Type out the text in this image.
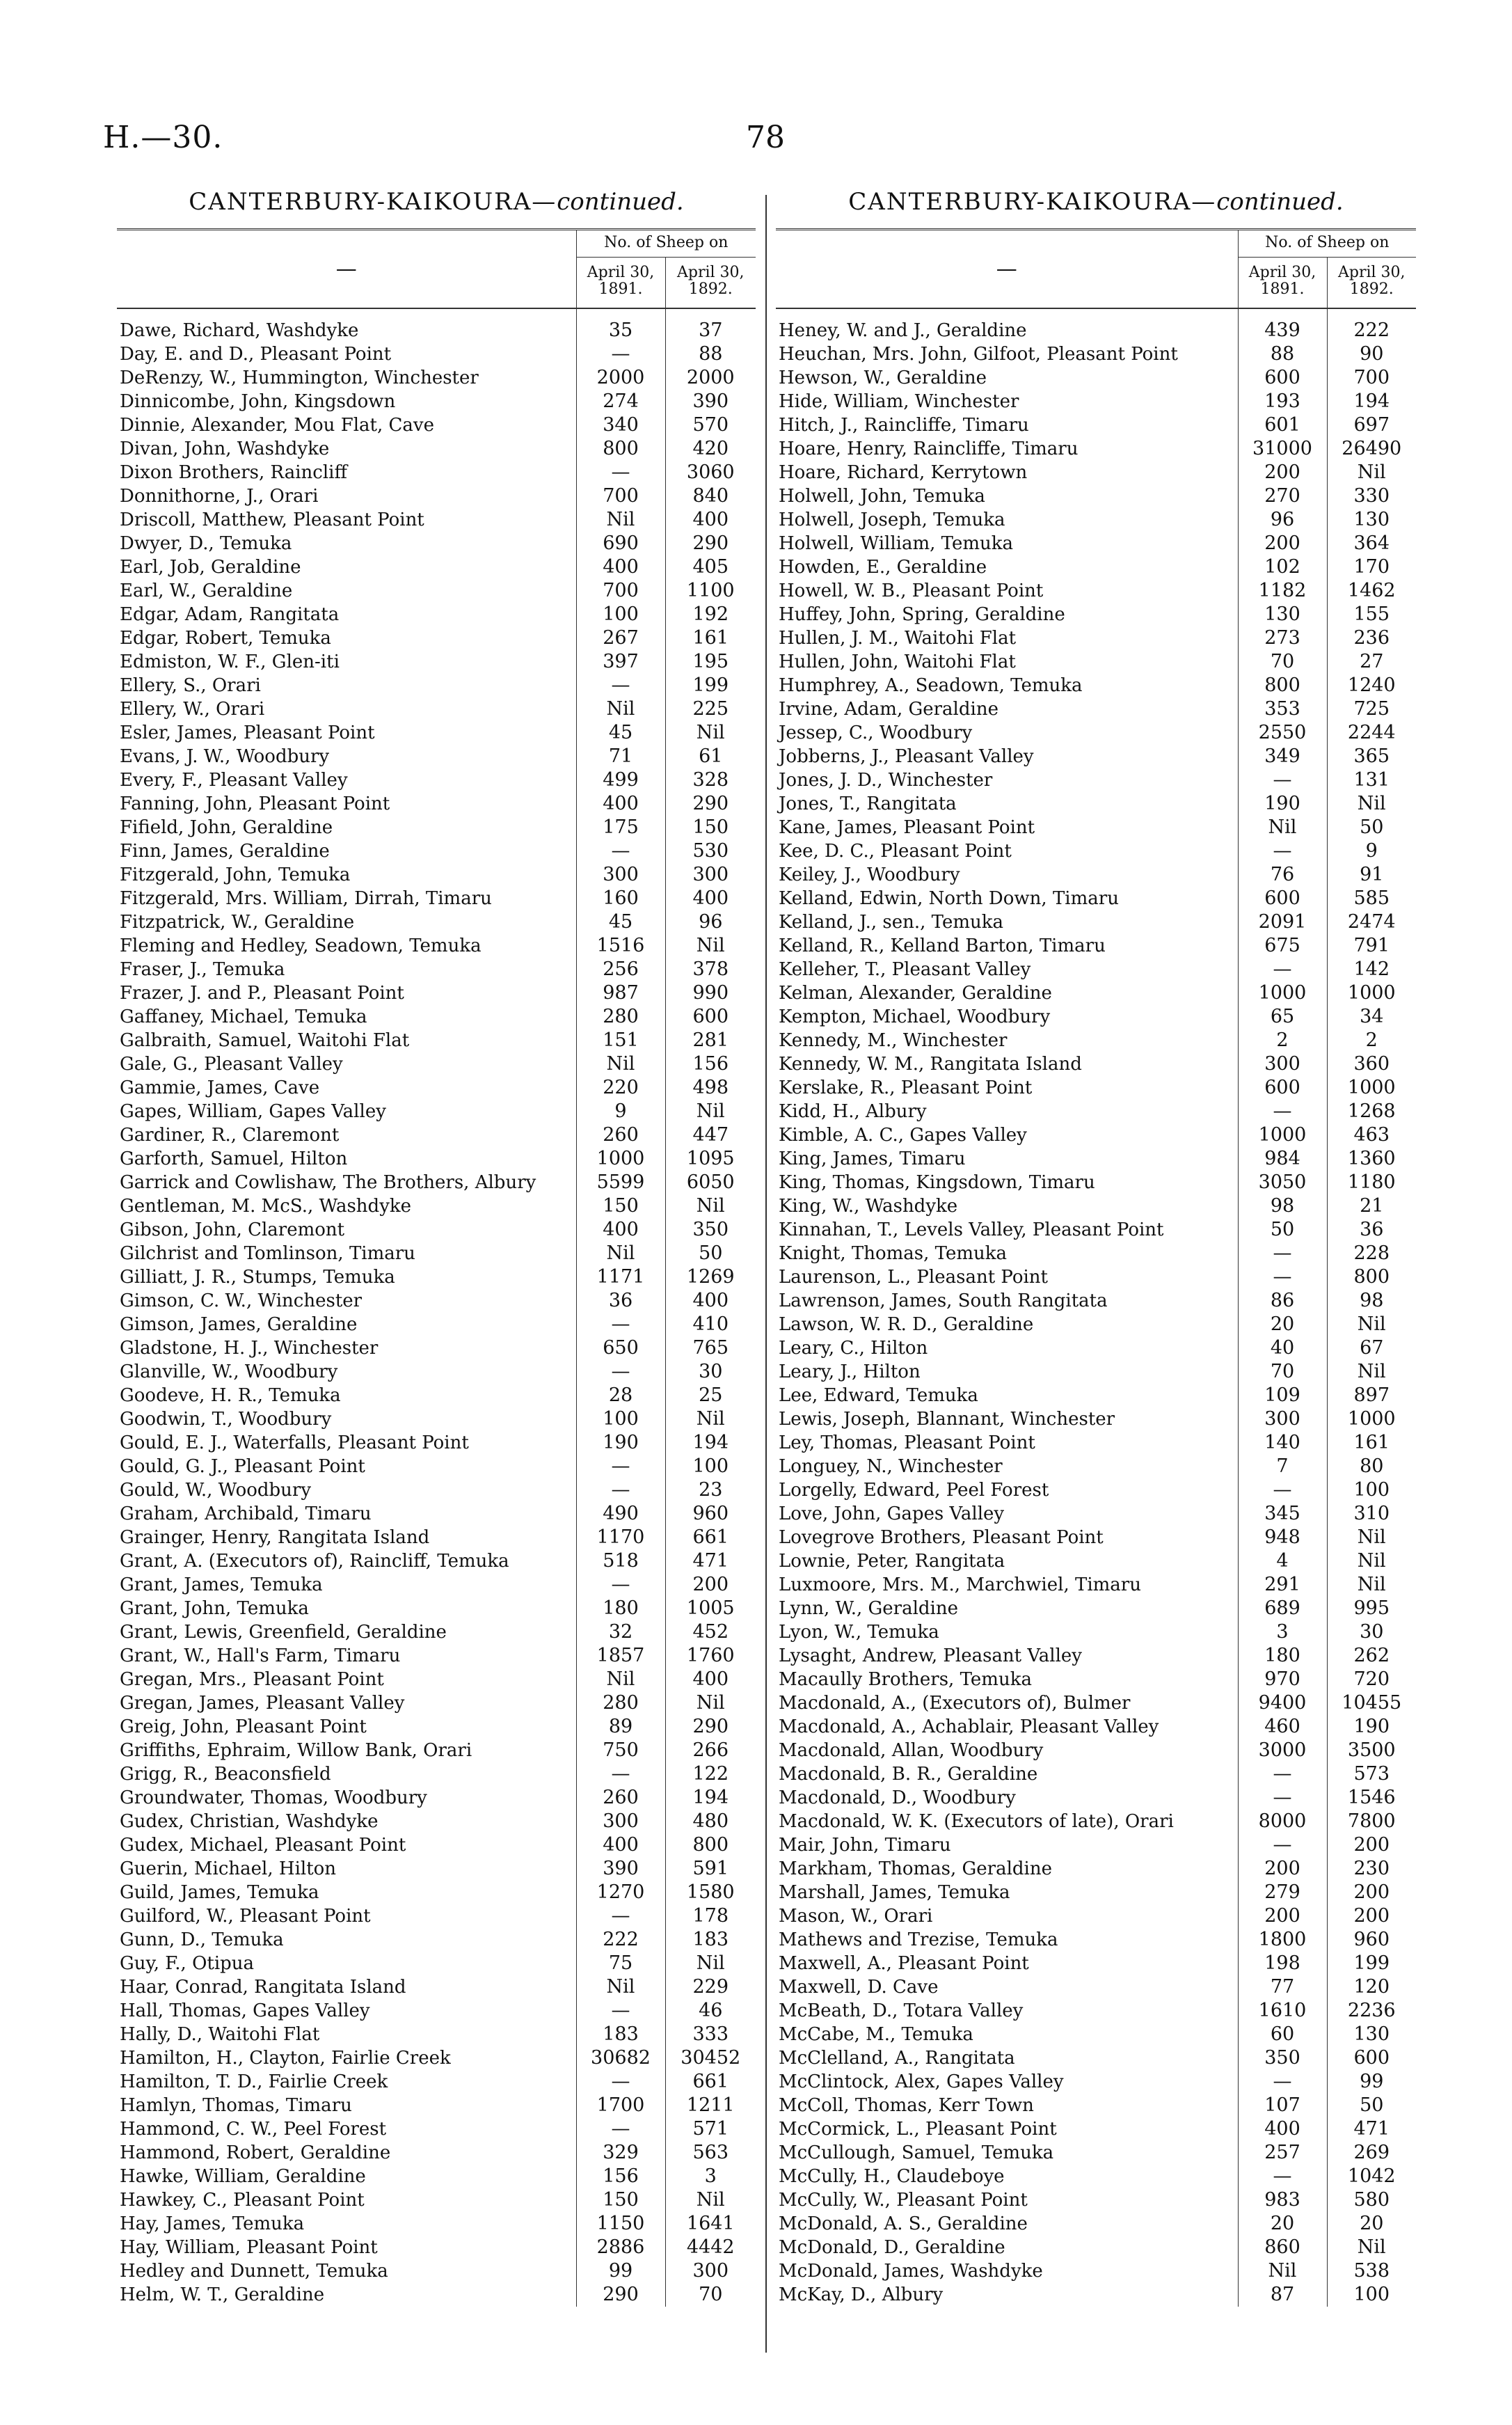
H.—30.	78
CANTERBURY-KAIKOURA—continued.
—	No. of Sheep on	
	April 30, 1891.	April 30, 1892.
Dawe, Richard, Washdyke	35	37
Day, E. and D., Pleasant Point	—	88
DeRenzy, W., Hummington, Winchester	2000	2000
Dinnicombe, John, Kingsdown	274	390
Dinnie, Alexander, Mou Flat, Cave	340	570
Divan, John, Washdyke	800	420
Dixon Brothers, Raincliff	—	3060
Donnithorne, J., Orari	700	840
Driscoll, Matthew, Pleasant Point	Nil	400
Dwyer, D., Temuka	690	290
Earl, Job, Geraldine	400	405
Earl, W., Geraldine	700	1100
Edgar, Adam, Rangitata	100	192
Edgar, Robert, Temuka	267	161
Edmiston, W. F., Glen-iti	397	195
Ellery, S., Orari	—	199
Ellery, W., Orari	Nil	225
Esler, James, Pleasant Point	45	Nil
Evans, J. W., Woodbury	71	61
Every, F., Pleasant Valley	499	328
Fanning, John, Pleasant Point	400	290
Fifield, John, Geraldine	175	150
Finn, James, Geraldine	—	530
Fitzgerald, John, Temuka	300	300
Fitzgerald, Mrs. William, Dirrah, Timaru	160	400
Fitzpatrick, W., Geraldine	45	96
Fleming and Hedley, Seadown, Temuka	1516	Nil
Fraser, J., Temuka	256	378
Frazer, J. and P., Pleasant Point	987	990
Gaffaney, Michael, Temuka	280	600
Galbraith, Samuel, Waitohi Flat	151	281
Gale, G., Pleasant Valley	Nil	156
Gammie, James, Cave	220	498
Gapes, William, Gapes Valley	9	Nil
Gardiner, R., Claremont	260	447
Garforth, Samuel, Hilton	1000	1095
Garrick and Cowlishaw, The Brothers, Albury	5599	6050
Gentleman, M. McS., Washdyke	150	Nil
Gibson, John, Claremont	400	350
Gilchrist and Tomlinson, Timaru	Nil	50
Gilliatt, J. R., Stumps, Temuka	1171	1269
Gimson, C. W., Winchester	36	400
Gimson, James, Geraldine	—	410
Gladstone, H. J., Winchester	650	765
Glanville, W., Woodbury	—	30
Goodeve, H. R., Temuka	28	25
Goodwin, T., Woodbury	100	Nil
Gould, E. J., Waterfalls, Pleasant Point	190	194
Gould, G. J., Pleasant Point	—	100
Gould, W., Woodbury	—	23
Graham, Archibald, Timaru	490	960
Grainger, Henry, Rangitata Island	1170	661
Grant, A. (Executors of), Raincliff, Temuka	518	471
Grant, James, Temuka	—	200
Grant, John, Temuka	180	1005
Grant, Lewis, Greenfield, Geraldine	32	452
Grant, W., Hall's Farm, Timaru	1857	1760
Gregan, Mrs., Pleasant Point	Nil	400
Gregan, James, Pleasant Valley	280	Nil
Greig, John, Pleasant Point	89	290
Griffiths, Ephraim, Willow Bank, Orari	750	266
Grigg, R., Beaconsfield	—	122
Groundwater, Thomas, Woodbury	260	194
Gudex, Christian, Washdyke	300	480
Gudex, Michael, Pleasant Point	400	800
Guerin, Michael, Hilton	390	591
Guild, James, Temuka	1270	1580
Guilford, W., Pleasant Point	—	178
Gunn, D., Temuka	222	183
Guy, F., Otipua	75	Nil
Haar, Conrad, Rangitata Island	Nil	229
Hall, Thomas, Gapes Valley	—	46
Hally, D., Waitohi Flat	183	333
Hamilton, H., Clayton, Fairlie Creek	30682	30452
Hamilton, T. D., Fairlie Creek	—	661
Hamlyn, Thomas, Timaru	1700	1211
Hammond, C. W., Peel Forest	—	571
Hammond, Robert, Geraldine	329	563
Hawke, William, Geraldine	156	3
Hawkey, C., Pleasant Point	150	Nil
Hay, James, Temuka	1150	1641
Hay, William, Pleasant Point	2886	4442
Hedley and Dunnett, Temuka	99	300
Helm, W. T., Geraldine	290	70
CANTERBURY-KAIKOURA—continued.
—	No. of Sheep on	
	April 30, 1891.	April 30, 1892.
Heney, W. and J., Geraldine	439	222
Heuchan, Mrs. John, Gilfoot, Pleasant Point	88	90
Hewson, W., Geraldine	600	700
Hide, William, Winchester	193	194
Hitch, J., Raincliffe, Timaru	601	697
Hoare, Henry, Raincliffe, Timaru	31000	26490
Hoare, Richard, Kerrytown	200	Nil
Holwell, John, Temuka	270	330
Holwell, Joseph, Temuka	96	130
Holwell, William, Temuka	200	364
Howden, E., Geraldine	102	170
Howell, W. B., Pleasant Point	1182	1462
Huffey, John, Spring, Geraldine	130	155
Hullen, J. M., Waitohi Flat	273	236
Hullen, John, Waitohi Flat	70	27
Humphrey, A., Seadown, Temuka	800	1240
Irvine, Adam, Geraldine	353	725
Jessep, C., Woodbury	2550	2244
Jobberns, J., Pleasant Valley	349	365
Jones, J. D., Winchester	—	131
Jones, T., Rangitata	190	Nil
Kane, James, Pleasant Point	Nil	50
Kee, D. C., Pleasant Point	—	9
Keiley, J., Woodbury	76	91
Kelland, Edwin, North Down, Timaru	600	585
Kelland, J., sen., Temuka	2091	2474
Kelland, R., Kelland Barton, Timaru	675	791
Kelleher, T., Pleasant Valley	—	142
Kelman, Alexander, Geraldine	1000	1000
Kempton, Michael, Woodbury	65	34
Kennedy, M., Winchester	2	2
Kennedy, W. M., Rangitata Island	300	360
Kerslake, R., Pleasant Point	600	1000
Kidd, H., Albury	—	1268
Kimble, A. C., Gapes Valley	1000	463
King, James, Timaru	984	1360
King, Thomas, Kingsdown, Timaru	3050	1180
King, W., Washdyke	98	21
Kinnahan, T., Levels Valley, Pleasant Point	50	36
Knight, Thomas, Temuka	—	228
Laurenson, L., Pleasant Point	—	800
Lawrenson, James, South Rangitata	86	98
Lawson, W. R. D., Geraldine	20	Nil
Leary, C., Hilton	40	67
Leary, J., Hilton	70	Nil
Lee, Edward, Temuka	109	897
Lewis, Joseph, Blannant, Winchester	300	1000
Ley, Thomas, Pleasant Point	140	161
Longuey, N., Winchester	7	80
Lorgelly, Edward, Peel Forest	—	100
Love, John, Gapes Valley	345	310
Lovegrove Brothers, Pleasant Point	948	Nil
Lownie, Peter, Rangitata	4	Nil
Luxmoore, Mrs. M., Marchwiel, Timaru	291	Nil
Lynn, W., Geraldine	689	995
Lyon, W., Temuka	3	30
Lysaght, Andrew, Pleasant Valley	180	262
Macaully Brothers, Temuka	970	720
Macdonald, A., (Executors of), Bulmer	9400	10455
Macdonald, A., Achablair, Pleasant Valley	460	190
Macdonald, Allan, Woodbury	3000	3500
Macdonald, B. R., Geraldine	—	573
Macdonald, D., Woodbury	—	1546
Macdonald, W. K. (Executors of late), Orari	8000	7800
Mair, John, Timaru	—	200
Markham, Thomas, Geraldine	200	230
Marshall, James, Temuka	279	200
Mason, W., Orari	200	200
Mathews and Trezise, Temuka	1800	960
Maxwell, A., Pleasant Point	198	199
Maxwell, D. Cave	77	120
McBeath, D., Totara Valley	1610	2236
McCabe, M., Temuka	60	130
McClelland, A., Rangitata	350	600
McClintock, Alex, Gapes Valley	—	99
McColl, Thomas, Kerr Town	107	50
McCormick, L., Pleasant Point	400	471
McCullough, Samuel, Temuka	257	269
McCully, H., Claudeboye	—	1042
McCully, W., Pleasant Point	983	580
McDonald, A. S., Geraldine	20	20
McDonald, D., Geraldine	860	Nil
McDonald, James, Washdyke	Nil	538
McKay, D., Albury	87	100
